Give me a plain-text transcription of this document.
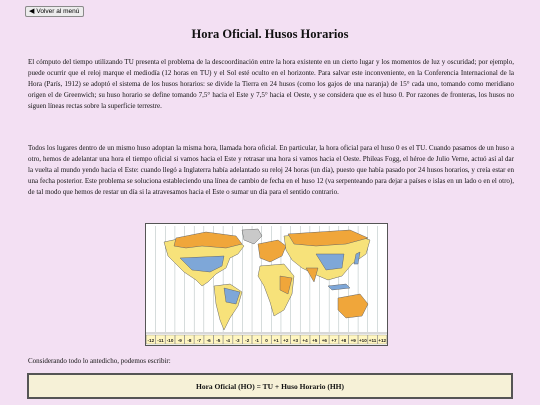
◀ Volver al menú
Hora Oficial. Husos Horarios

El cómputo del tiempo utilizando TU presenta el problema de la descoordinación entre la hora existente en un cierto lugar y los momentos de luz y oscuridad; por ejemplo, puede ocurrir que el reloj marque el mediodía (12 horas en TU) y el Sol esté oculto en el horizonte. Para salvar este inconveniente, en la Conferencia Internacional de la Hora (París, 1912) se adoptó el sistema de los husos horarios: se divide la Tierra en 24 husos (como los gajos de una naranja) de 15° cada uno, tomando como meridiano origen el de Greenwich; su huso horario se define tomando 7,5° hacia el Este y 7,5° hacia el Oeste, y se considera que es el huso 0. Por razones de fronteras, los husos no siguen líneas rectas sobre la superficie terrestre.

Todos los lugares dentro de un mismo huso adoptan la misma hora, llamada hora oficial. En particular, la hora oficial para el huso 0 es el TU. Cuando pasamos de un huso a otro, hemos de adelantar una hora el tiempo oficial si vamos hacia el Este y retrasar una hora si vamos hacia el Oeste. Phileas Fogg, el héroe de Julio Verne, actuó así al dar la vuelta al mundo yendo hacia el Este: cuando llegó a Inglaterra había adelantado su reloj 24 horas (un día), puesto que había pasado por 24 husos horarios, y creía estar en una fecha posterior. Este problema se soluciona estableciendo una línea de cambio de fecha en el huso 12 (va serpenteando para dejar a países e islas en un lado o en el otro), de tal modo que hemos de restar un día si la atravesamos hacia el Este o sumar un día para el sentido contrario.

-12 -11 -10 -9 -8 -7 -6 -5 -4 -3 -2 -1 0 +1 +2 +3 +4 +5 +6 +7 +8 +9 +10 +11 +12

Considerando todo lo antedicho, podemos escribir:

Hora Oficial (HO) = TU + Huso Horario (HH)
